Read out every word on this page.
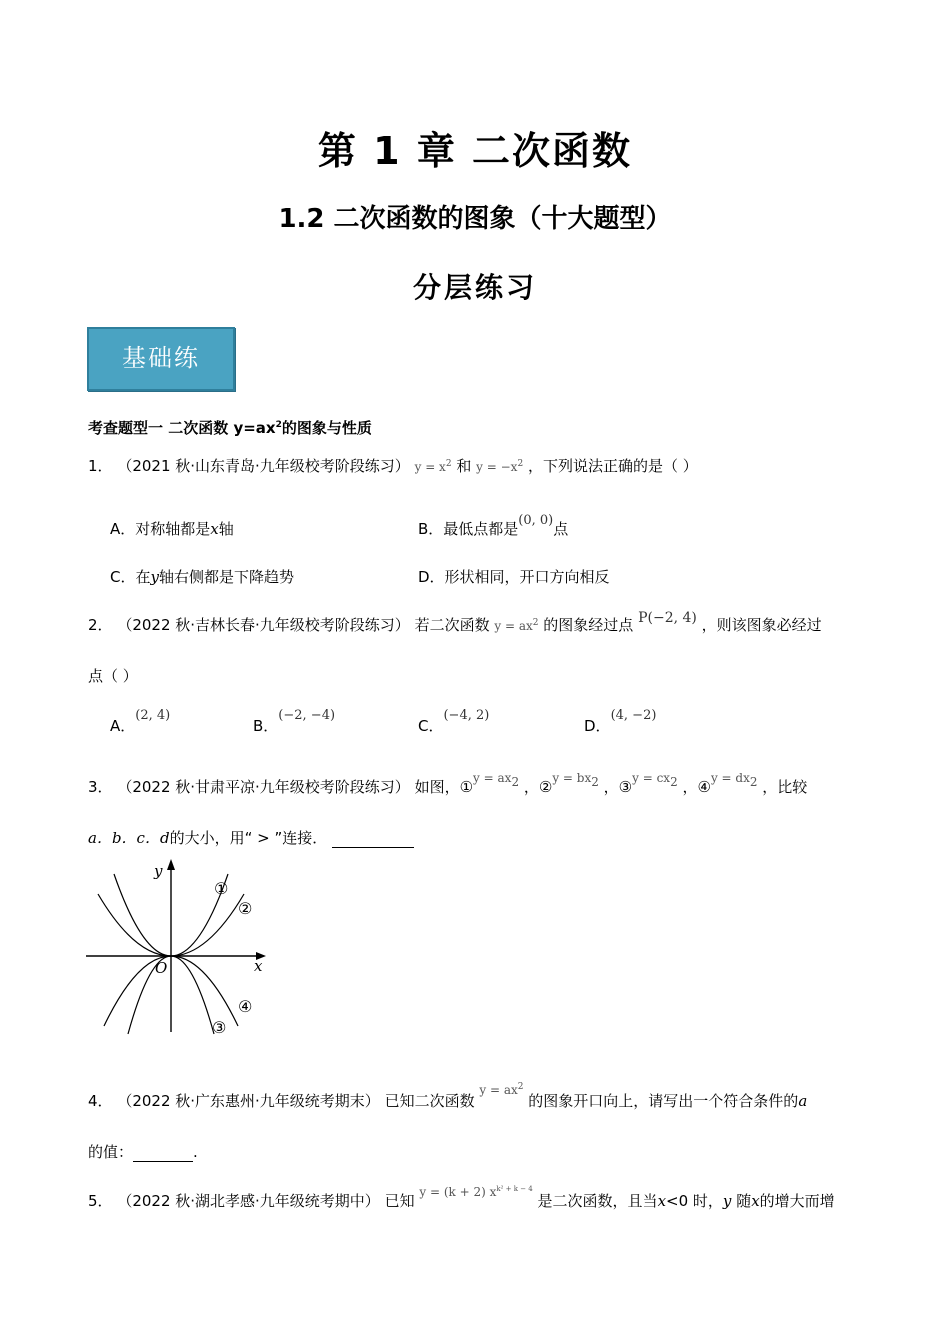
第 1 章 二次函数
1.2 二次函数的图象（十大题型）
分层练习
基础练
考查题型一 二次函数 $y=ax^2$的图象与性质
1． （2021 秋·山东青岛·九年级校考阶段练习） $y = x^2$ 和 $y = -x^2$ ，下列说法正确的是（ ）
A．对称轴都是x轴	B．最低点都是(0, 0)点
C．在y轴右侧都是下降趋势	D．形状相同，开口方向相反
2． （2022 秋·吉林长春·九年级校考阶段练习） 若二次函数 $y = ax^2$ 的图象经过点 P(−2, 4) ，则该图象必经过
点（ ）
A．(2, 4)
B．(−2, −4)
C．(−4, 2)
D．(4, −2)
3． （2022 秋·甘肃平凉·九年级校考阶段练习） 如图，①$^{y = ax2}$ ，②$^{y = bx2}$ ，③$^{y = cx2}$ ，④$^{y = dx2}$ ，比较
a．b．c．d的大小，用“ > ”连接．
x
y
O
①
②
④
③
4． （2022 秋·广东惠州·九年级统考期末） 已知二次函数 $^{y = ax^2}$ 的图象开口向上，请写出一个符合条件的a
的值：	.
5． （2022 秋·湖北孝感·九年级统考期中） 已知 $^{y = (k + 2) x^{k^2 + k - 4}}$ 是二次函数，且当x<0 时，y 随x的增大而增
